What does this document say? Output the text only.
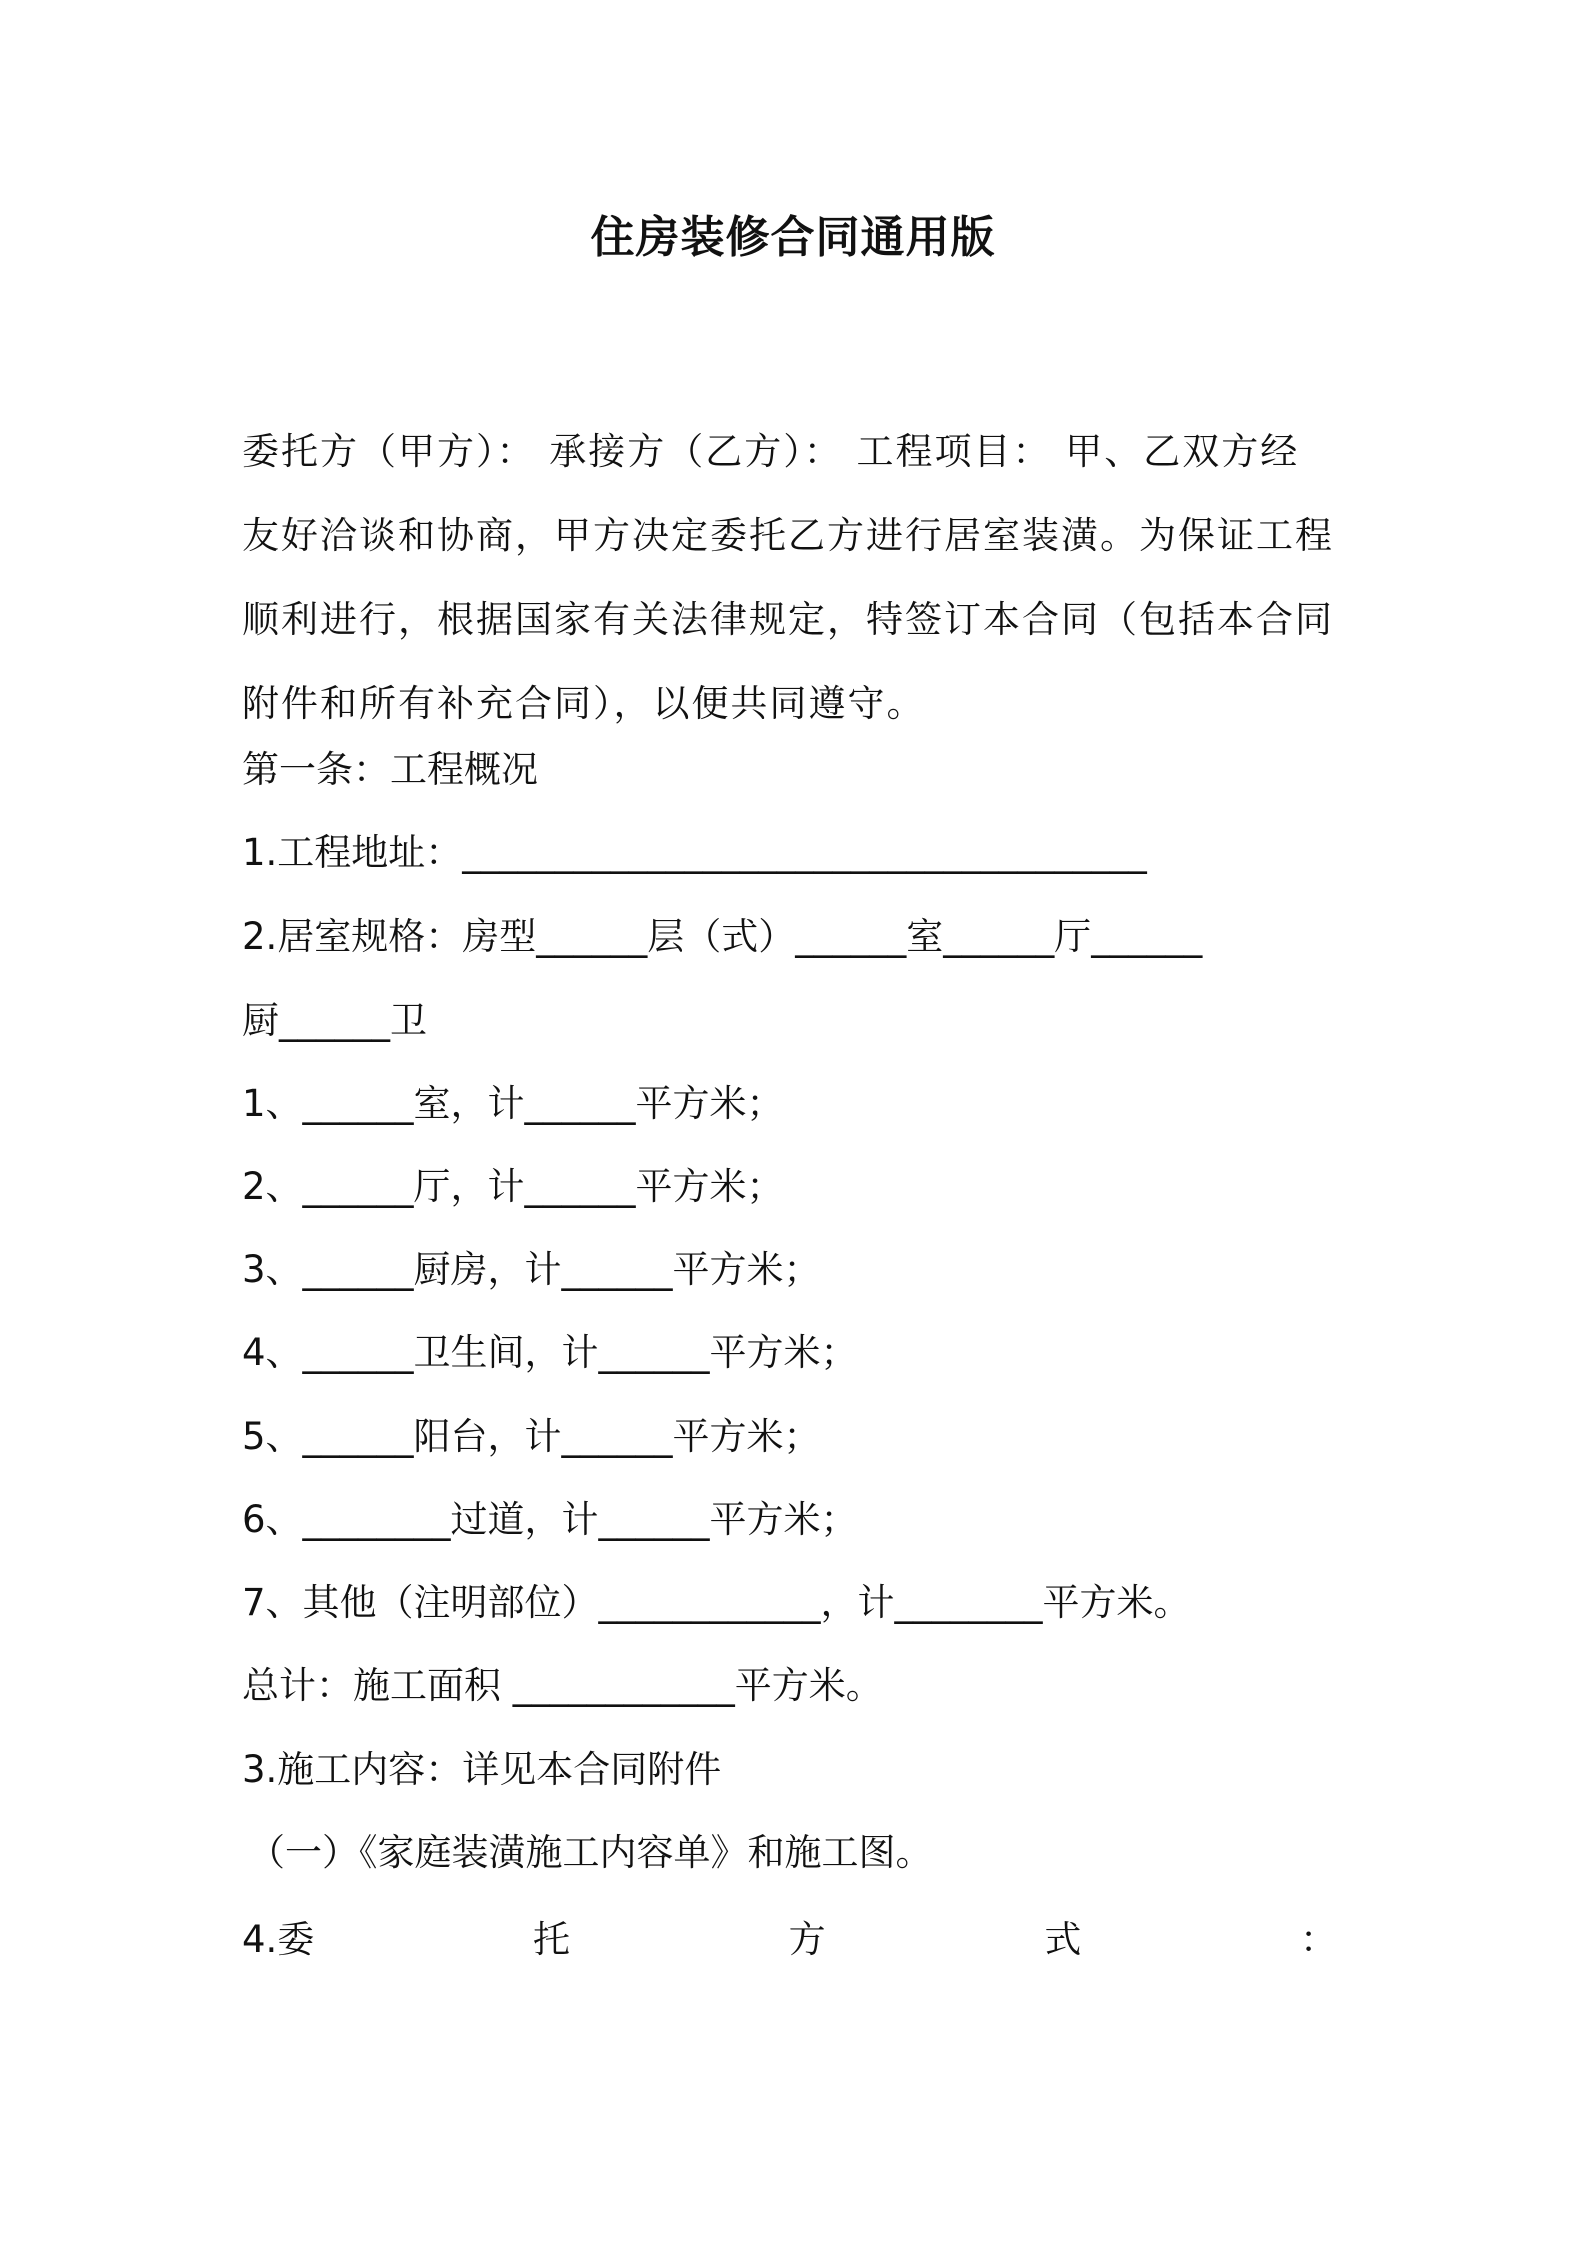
住房装修合同通用版
委托方（甲方）： 承接方（乙方）： 工程项目： 甲、乙双方经
友好洽谈和协商，甲方决定委托乙方进行居室装潢。为保证工程
顺利进行，根据国家有关法律规定，特签订本合同（包括本合同
附件和所有补充合同），以便共同遵守。
第一条：工程概况
1.工程地址：_____________________________________
2.居室规格：房型______层（式）______室______厅______
厨______卫
1、______室，计______平方米；
2、______厅，计______平方米；
3、______厨房，计______平方米；
4、______卫生间，计______平方米；
5、______阳台，计______平方米；
6、________过道，计______平方米；
7、其他（注明部位）____________，计________平方米。
总计：施工面积 ____________平方米。
3.施工内容：详见本合同附件
（一）《家庭装潢施工内容单》和施工图。
4.委	托	方	式	：
